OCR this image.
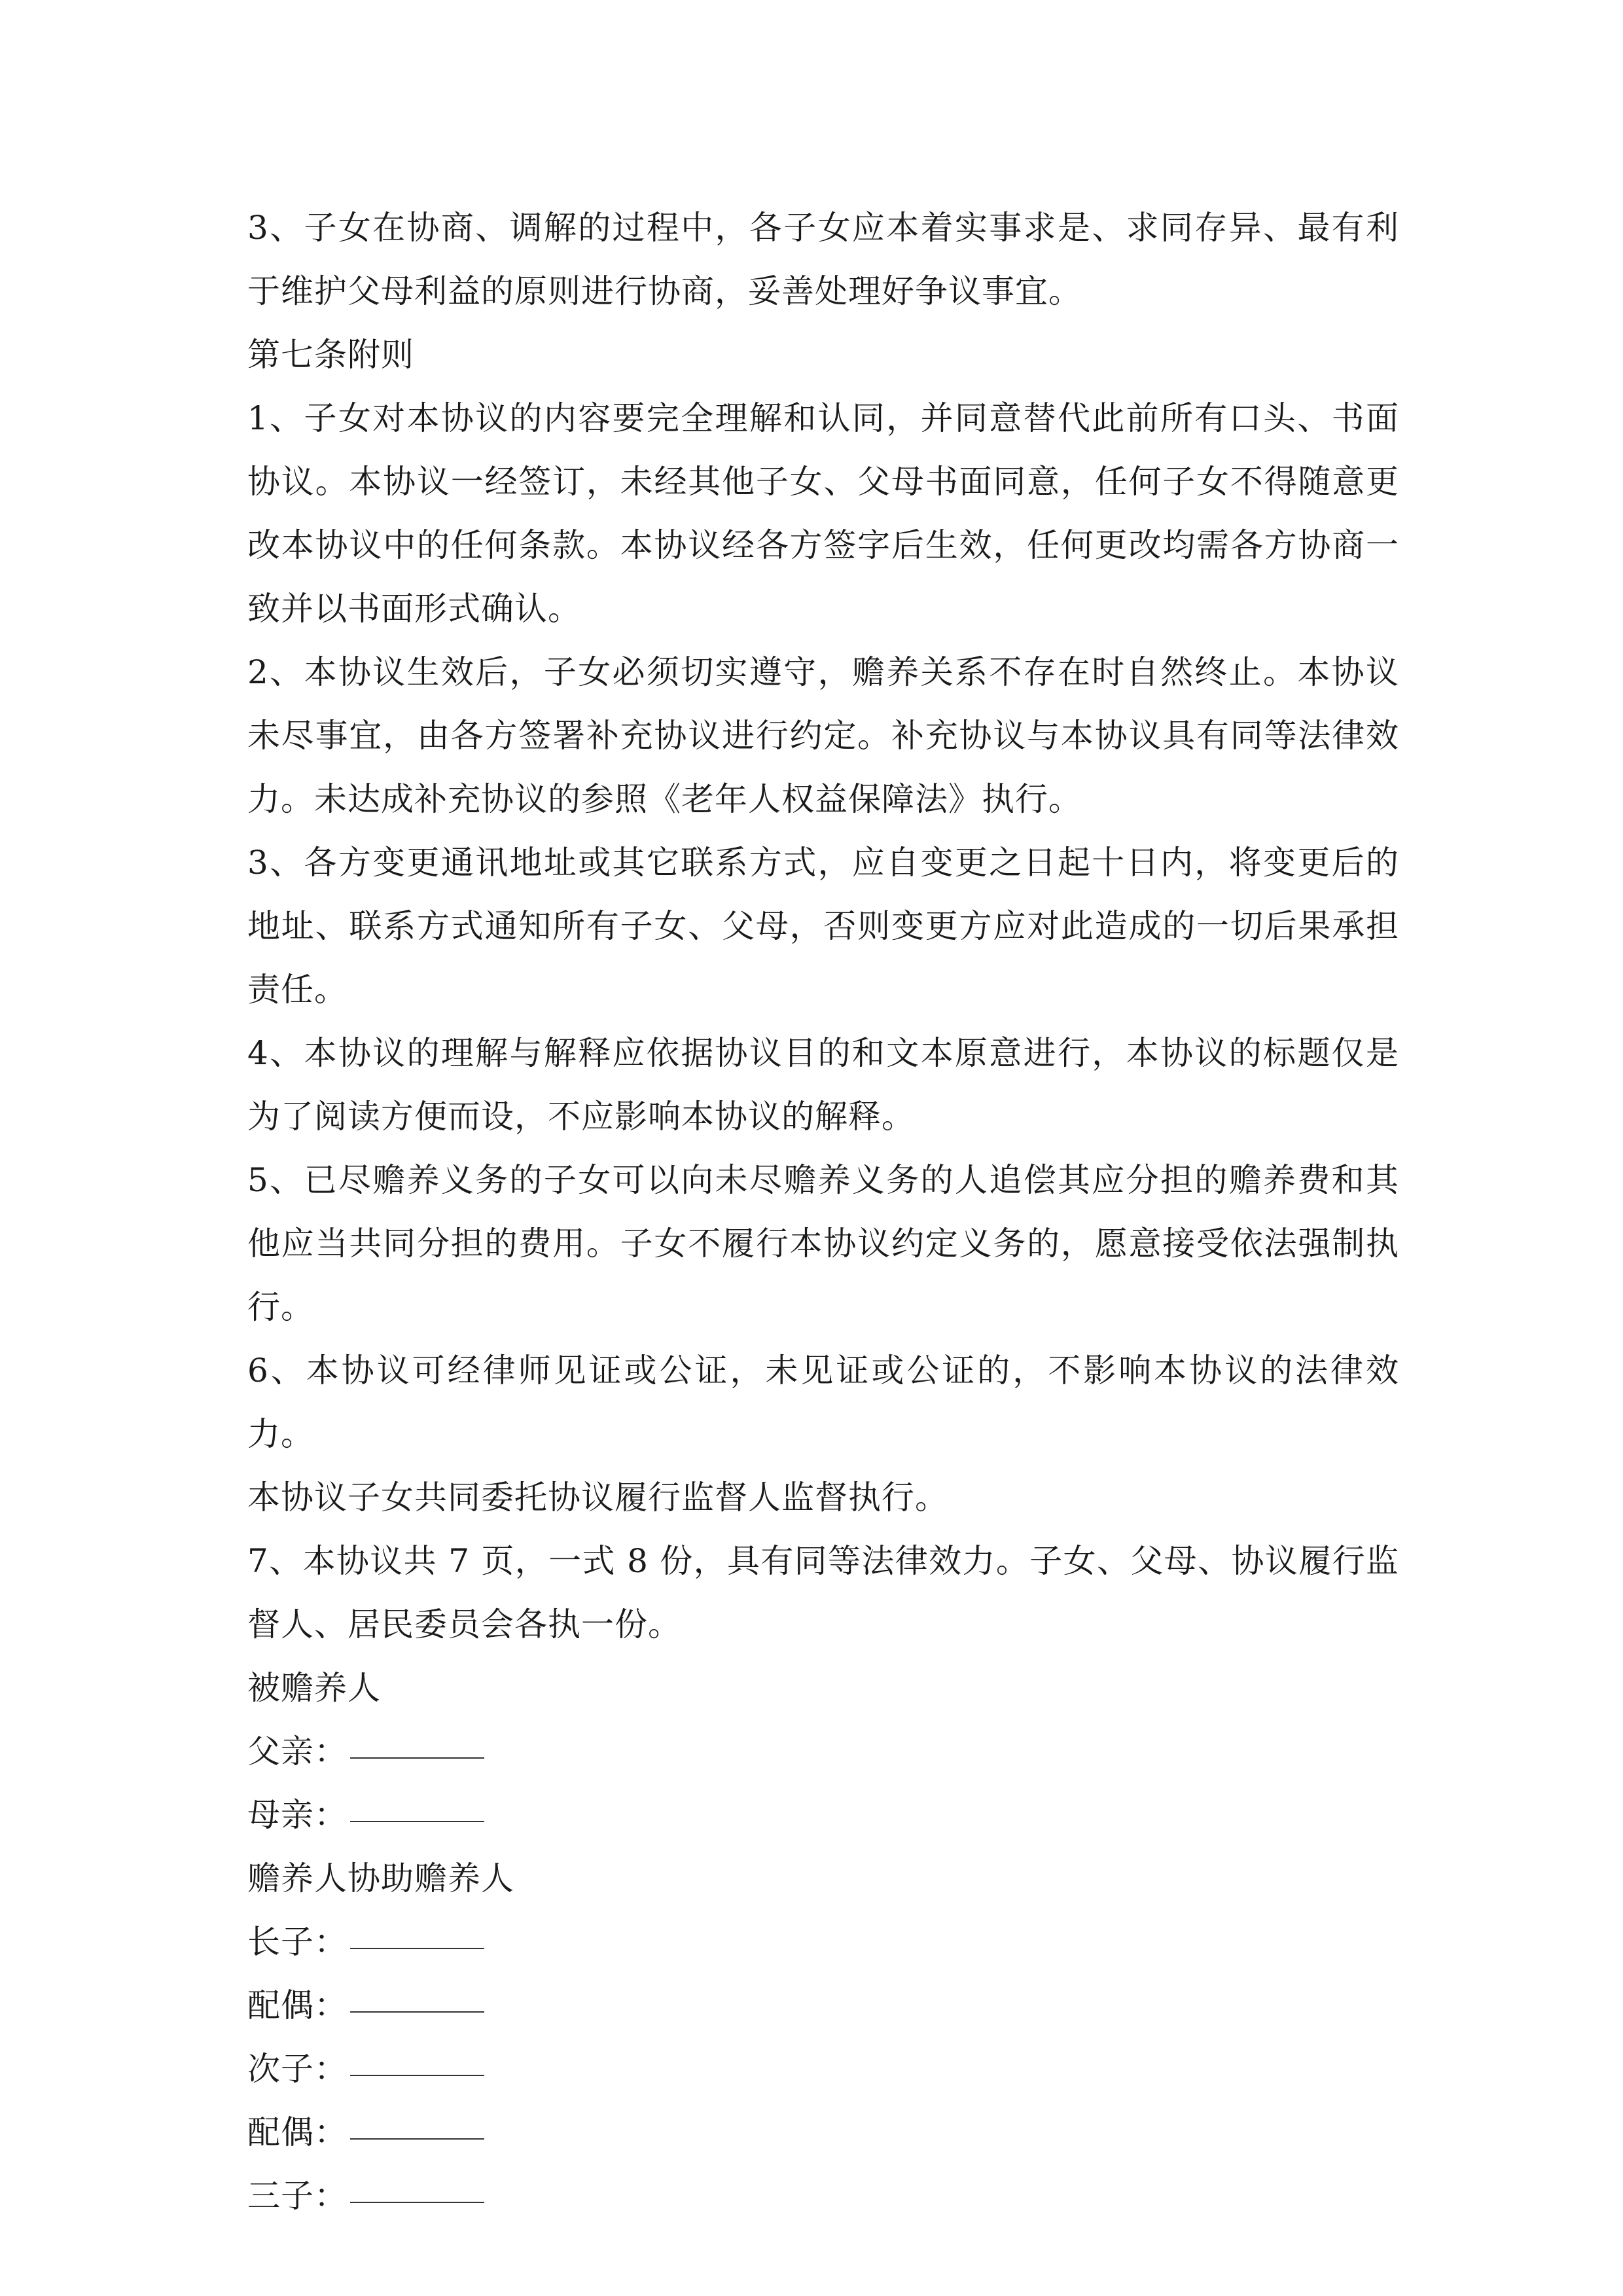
3、子女在协商、调解的过程中，各子女应本着实事求是、求同存异、最有利于维护父母利益的原则进行协商，妥善处理好争议事宜。

第七条附则

1、子女对本协议的内容要完全理解和认同，并同意替代此前所有口头、书面协议。本协议一经签订，未经其他子女、父母书面同意，任何子女不得随意更改本协议中的任何条款。本协议经各方签字后生效，任何更改均需各方协商一致并以书面形式确认。

2、本协议生效后，子女必须切实遵守，赡养关系不存在时自然终止。本协议未尽事宜，由各方签署补充协议进行约定。补充协议与本协议具有同等法律效力。未达成补充协议的参照《老年人权益保障法》执行。

3、各方变更通讯地址或其它联系方式，应自变更之日起十日内，将变更后的地址、联系方式通知所有子女、父母，否则变更方应对此造成的一切后果承担责任。

4、本协议的理解与解释应依据协议目的和文本原意进行，本协议的标题仅是为了阅读方便而设，不应影响本协议的解释。

5、已尽赡养义务的子女可以向未尽赡养义务的人追偿其应分担的赡养费和其他应当共同分担的费用。子女不履行本协议约定义务的，愿意接受依法强制执行。

6、本协议可经律师见证或公证，未见证或公证的，不影响本协议的法律效力。

本协议子女共同委托协议履行监督人监督执行。

7、本协议共 7 页，一式 8 份，具有同等法律效力。子女、父母、协议履行监督人、居民委员会各执一份。

被赡养人

父亲：
母亲：

赡养人协助赡养人

长子：
配偶：
次子：
配偶：
三子：
